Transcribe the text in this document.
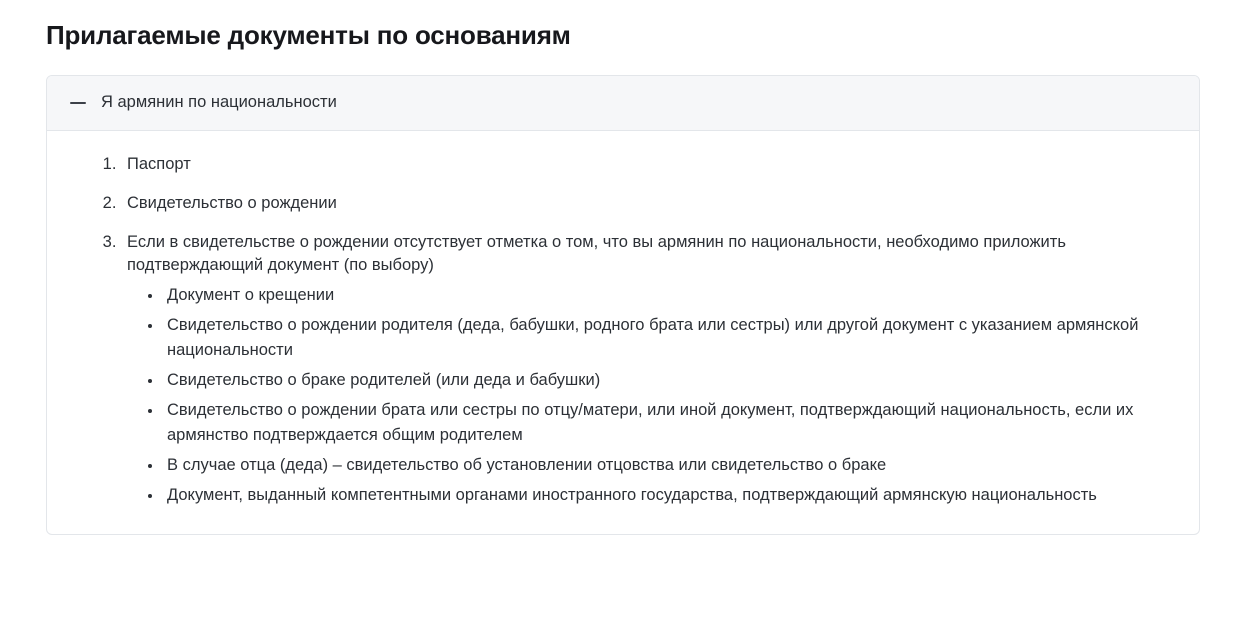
Прилагаемые документы по основаниям
Я армянин по национальности
1. Паспорт
2. Свидетельство о рождении
3. Если в свидетельстве о рождении отсутствует отметка о том, что вы армянин по национальности, необходимо приложить подтверждающий документ (по выбору)
• Документ о крещении
• Свидетельство о рождении родителя (деда, бабушки, родного брата или сестры) или другой документ с указанием армянской национальности
• Свидетельство о браке родителей (или деда и бабушки)
• Свидетельство о рождении брата или сестры по отцу/матери, или иной документ, подтверждающий национальность, если их армянство подтверждается общим родителем
• В случае отца (деда) – свидетельство об установлении отцовства или свидетельство о браке
• Документ, выданный компетентными органами иностранного государства, подтверждающий армянскую национальность
